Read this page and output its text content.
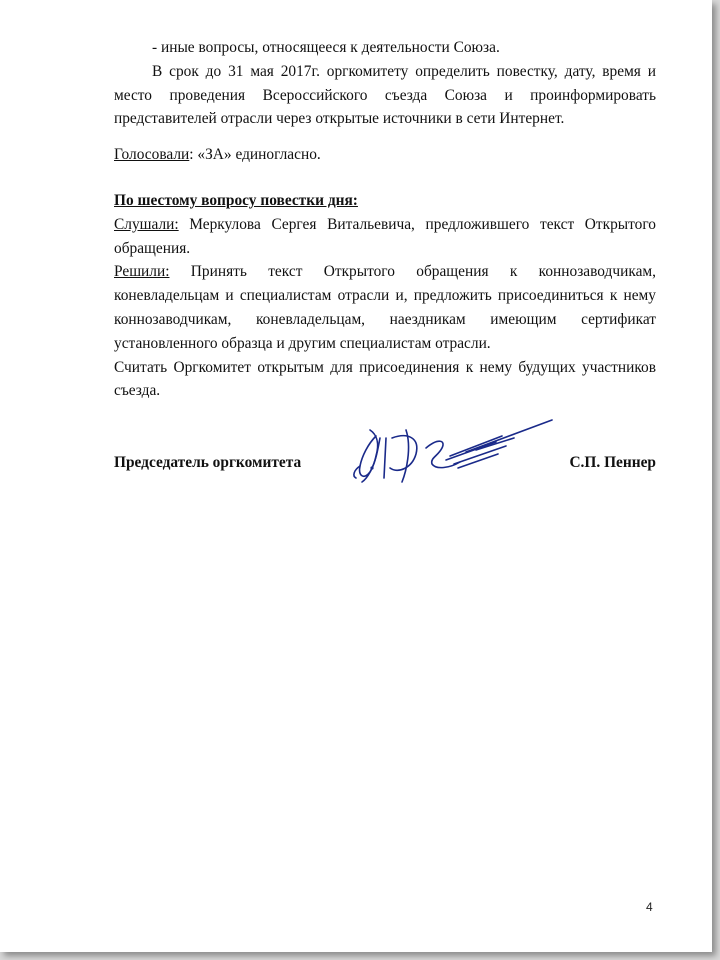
- иные вопросы, относящееся к деятельности Союза.

В срок до 31 мая 2017г. оргкомитету определить повестку, дату, время и место проведения Всероссийского съезда Союза и проинформировать представителей отрасли через открытые источники в сети Интернет.

Голосовали: «ЗА» единогласно.

По шестому вопросу повестки дня:

Слушали: Меркулова Сергея Витальевича, предложившего текст Открытого обращения.

Решили: Принять текст Открытого обращения к коннозаводчикам, коневладельцам и специалистам отрасли и, предложить присоединиться к нему коннозаводчикам, коневладельцам, наездникам имеющим сертификат установленного образца и другим специалистам отрасли.

Считать Оргкомитет открытым для присоединения к нему будущих участников съезда.

Председатель оргкомитета	С.П. Пеннер
4
